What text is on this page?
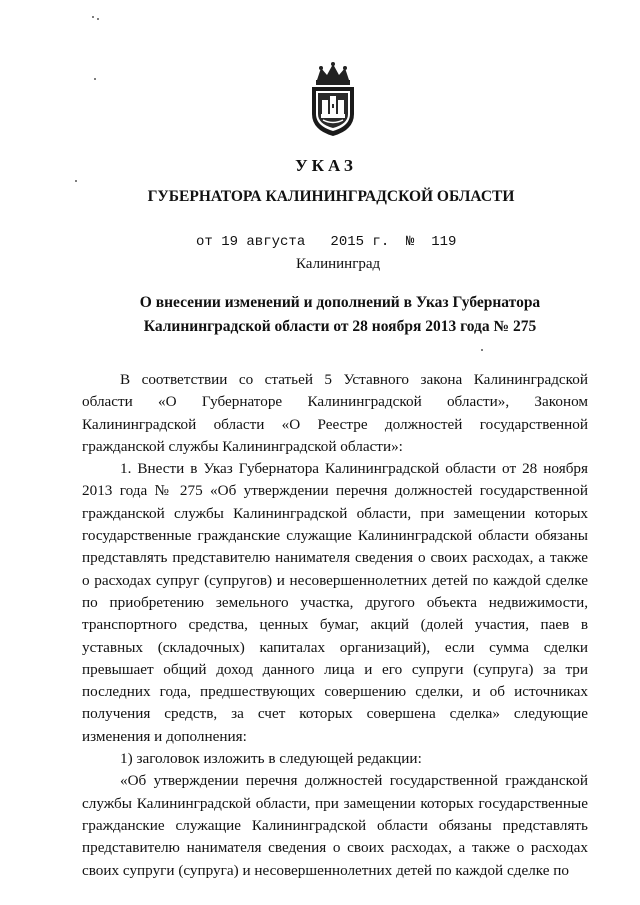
УКАЗ
ГУБЕРНАТОРА КАЛИНИНГРАДСКОЙ ОБЛАСТИ
от 19 августа   2015 г.  №  119
Калининград
О внесении изменений и дополнений в Указ Губернатора
Калининградской области от 28 ноября 2013 года № 275

В соответствии со статьей 5 Уставного закона Калининградской области «О Губернаторе Калининградской области», Законом Калининградской области «О Реестре должностей государственной гражданской службы Калининградской области»:

1. Внести в Указ Губернатора Калининградской области от 28 ноября 2013 года № 275 «Об утверждении перечня должностей государственной гражданской службы Калининградской области, при замещении которых государственные гражданские служащие Калининградской области обязаны представлять представителю нанимателя сведения о своих расходах, а также о расходах супруг (супругов) и несовершеннолетних детей по каждой сделке по приобретению земельного участка, другого объекта недвижимости, транспортного средства, ценных бумаг, акций (долей участия, паев в уставных (складочных) капиталах организаций), если сумма сделки превышает общий доход данного лица и его супруги (супруга) за три последних года, предшествующих совершению сделки, и об источниках получения средств, за счет которых совершена сделка» следующие изменения и дополнения:

1) заголовок изложить в следующей редакции:

«Об утверждении перечня должностей государственной гражданской службы Калининградской области, при замещении которых государственные гражданские служащие Калининградской области обязаны представлять представителю нанимателя сведения о своих расходах, а также о расходах своих супруги (супруга) и несовершеннолетних детей по каждой сделке по
